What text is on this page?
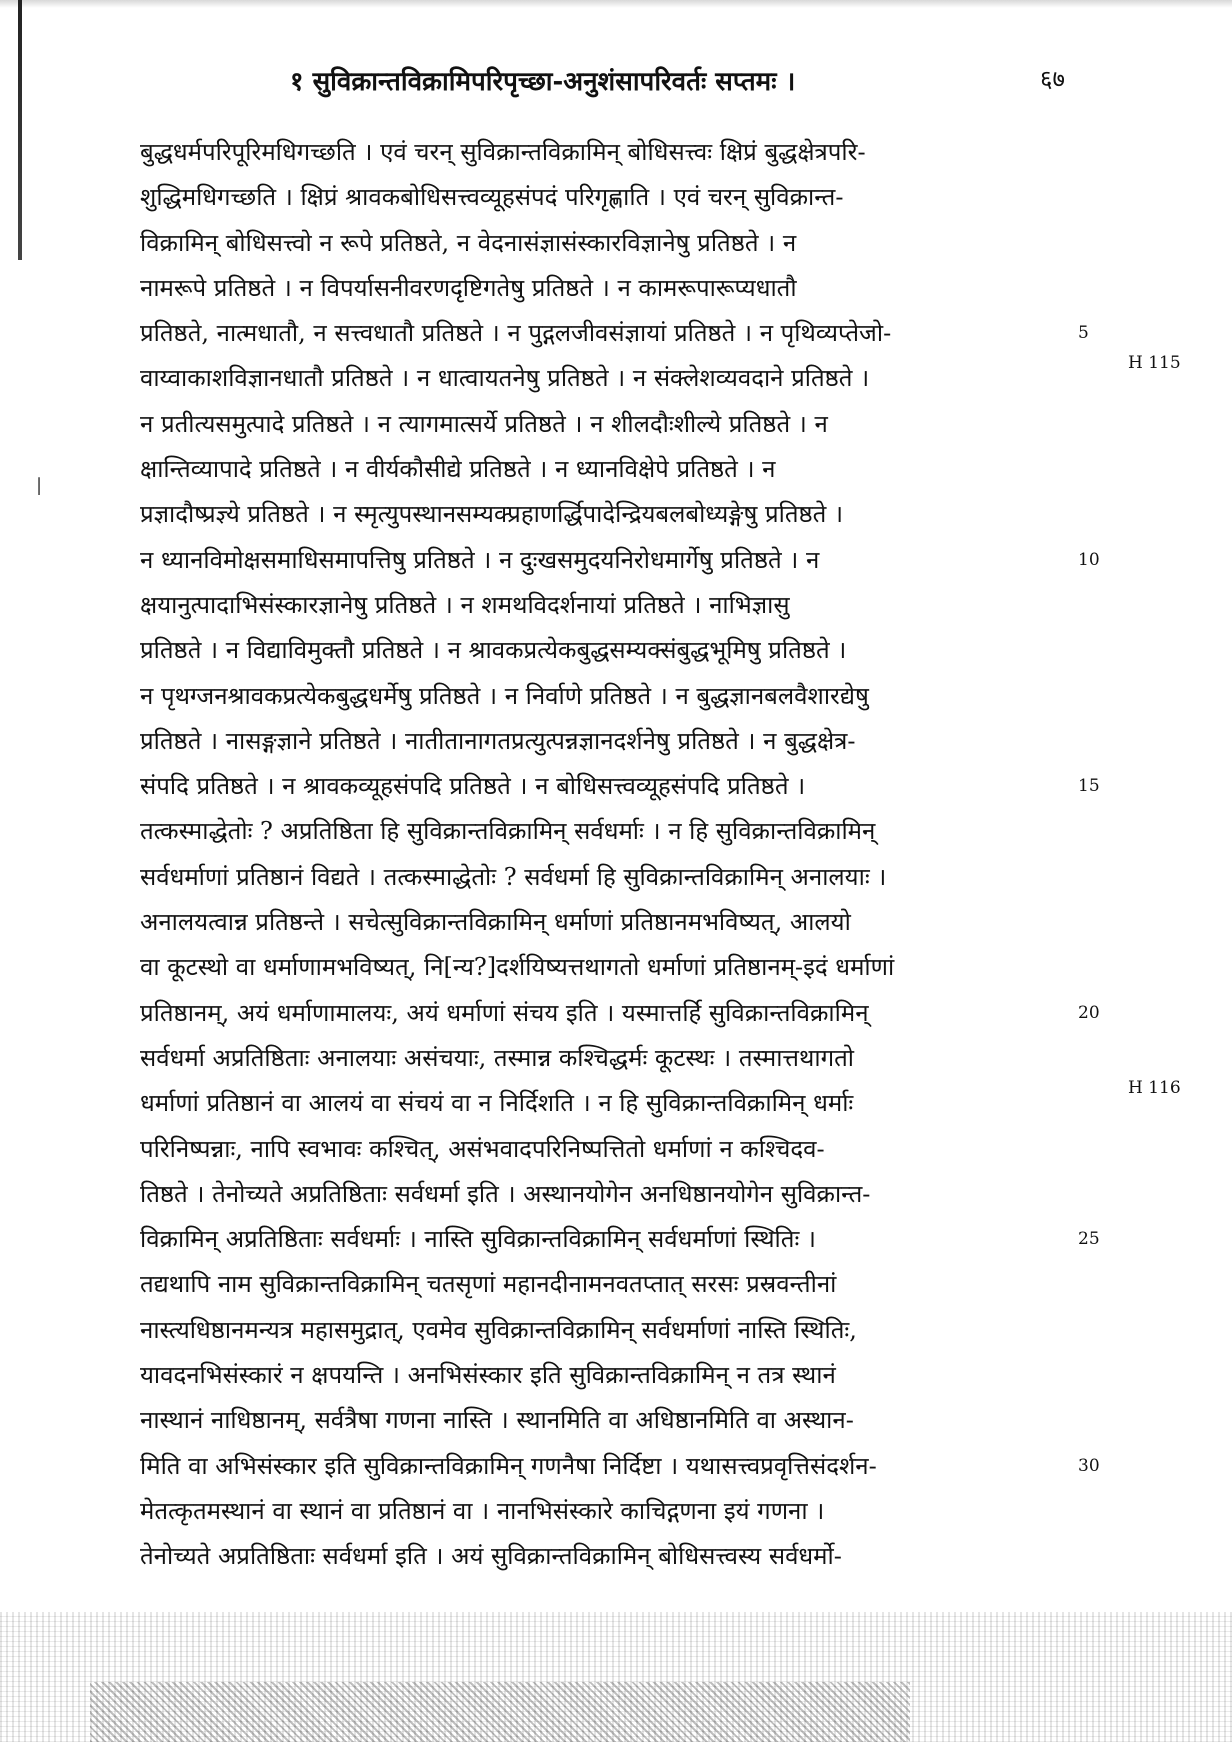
|
१ सुविक्रान्तविक्रामिपरिपृच्छा-अनुशंसापरिवर्तः सप्तमः ।	६७
बुद्धधर्मपरिपूरिमधिगच्छति । एवं चरन् सुविक्रान्तविक्रामिन् बोधिसत्त्वः क्षिप्रं बुद्धक्षेत्रपरि-
शुद्धिमधिगच्छति । क्षिप्रं श्रावकबोधिसत्त्वव्यूहसंपदं परिगृह्णाति । एवं चरन् सुविक्रान्त-
विक्रामिन् बोधिसत्त्वो न रूपे प्रतिष्ठते, न वेदनासंज्ञासंस्कारविज्ञानेषु प्रतिष्ठते । न
नामरूपे प्रतिष्ठते । न विपर्यासनीवरणदृष्टिगतेषु प्रतिष्ठते । न कामरूपारूप्यधातौ
प्रतिष्ठते, नात्मधातौ, न सत्त्वधातौ प्रतिष्ठते । न पुद्गलजीवसंज्ञायां प्रतिष्ठते । न पृथिव्यप्तेजो-
वाय्वाकाशविज्ञानधातौ प्रतिष्ठते । न धात्वायतनेषु प्रतिष्ठते । न संक्लेशव्यवदाने प्रतिष्ठते ।
न प्रतीत्यसमुत्पादे प्रतिष्ठते । न त्यागमात्सर्ये प्रतिष्ठते । न शीलदौःशील्ये प्रतिष्ठते । न
क्षान्तिव्यापादे प्रतिष्ठते । न वीर्यकौसीद्ये प्रतिष्ठते । न ध्यानविक्षेपे प्रतिष्ठते । न
प्रज्ञादौष्प्रज्ञ्ये प्रतिष्ठते । न स्मृत्युपस्थानसम्यक्प्रहाणर्द्धिपादेन्द्रियबलबोध्यङ्गेषु प्रतिष्ठते ।
न ध्यानविमोक्षसमाधिसमापत्तिषु प्रतिष्ठते । न दुःखसमुदयनिरोधमार्गेषु प्रतिष्ठते । न
क्षयानुत्पादाभिसंस्कारज्ञानेषु प्रतिष्ठते । न शमथविदर्शनायां प्रतिष्ठते । नाभिज्ञासु
प्रतिष्ठते । न विद्याविमुक्तौ प्रतिष्ठते । न श्रावकप्रत्येकबुद्धसम्यक्संबुद्धभूमिषु प्रतिष्ठते ।
न पृथग्जनश्रावकप्रत्येकबुद्धधर्मेषु प्रतिष्ठते । न निर्वाणे प्रतिष्ठते । न बुद्धज्ञानबलवैशारद्येषु
प्रतिष्ठते । नासङ्गज्ञाने प्रतिष्ठते । नातीतानागतप्रत्युत्पन्नज्ञानदर्शनेषु प्रतिष्ठते । न बुद्धक्षेत्र-
संपदि प्रतिष्ठते । न श्रावकव्यूहसंपदि प्रतिष्ठते । न बोधिसत्त्वव्यूहसंपदि प्रतिष्ठते ।
तत्कस्माद्धेतोः ? अप्रतिष्ठिता हि सुविक्रान्तविक्रामिन् सर्वधर्माः । न हि सुविक्रान्तविक्रामिन्
सर्वधर्माणां प्रतिष्ठानं विद्यते । तत्कस्माद्धेतोः ? सर्वधर्मा हि सुविक्रान्तविक्रामिन् अनालयाः ।
अनालयत्वान्न प्रतिष्ठन्ते । सचेत्सुविक्रान्तविक्रामिन् धर्माणां प्रतिष्ठानमभविष्यत्, आलयो
वा कूटस्थो वा धर्माणामभविष्यत्, नि[न्य?]दर्शयिष्यत्तथागतो धर्माणां प्रतिष्ठानम्-इदं धर्माणां
प्रतिष्ठानम्, अयं धर्माणामालयः, अयं धर्माणां संचय इति । यस्मात्तर्हि सुविक्रान्तविक्रामिन्
सर्वधर्मा अप्रतिष्ठिताः अनालयाः असंचयाः, तस्मान्न कश्चिद्धर्मः कूटस्थः । तस्मात्तथागतो
धर्माणां प्रतिष्ठानं वा आलयं वा संचयं वा न निर्दिशति । न हि सुविक्रान्तविक्रामिन् धर्माः
परिनिष्पन्नाः, नापि स्वभावः कश्चित्, असंभवादपरिनिष्पत्तितो धर्माणां न कश्चिदव-
तिष्ठते । तेनोच्यते अप्रतिष्ठिताः सर्वधर्मा इति । अस्थानयोगेन अनधिष्ठानयोगेन सुविक्रान्त-
विक्रामिन् अप्रतिष्ठिताः सर्वधर्माः । नास्ति सुविक्रान्तविक्रामिन् सर्वधर्माणां स्थितिः ।
तद्यथापि नाम सुविक्रान्तविक्रामिन् चतसृणां महानदीनामनवतप्तात् सरसः प्रस्रवन्तीनां
नास्त्यधिष्ठानमन्यत्र महासमुद्रात्, एवमेव सुविक्रान्तविक्रामिन् सर्वधर्माणां नास्ति स्थितिः,
यावदनभिसंस्कारं न क्षपयन्ति । अनभिसंस्कार इति सुविक्रान्तविक्रामिन् न तत्र स्थानं
नास्थानं नाधिष्ठानम्, सर्वत्रैषा गणना नास्ति । स्थानमिति वा अधिष्ठानमिति वा अस्थान-
मिति वा अभिसंस्कार इति सुविक्रान्तविक्रामिन् गणनैषा निर्दिष्टा । यथासत्त्वप्रवृत्तिसंदर्शन-
मेतत्कृतमस्थानं वा स्थानं वा प्रतिष्ठानं वा । नानभिसंस्कारे काचिद्गणना इयं गणना ।
तेनोच्यते अप्रतिष्ठिताः सर्वधर्मा इति । अयं सुविक्रान्तविक्रामिन् बोधिसत्त्वस्य सर्वधर्मो-
H 115
H 116
5
10
15
20
25
30
